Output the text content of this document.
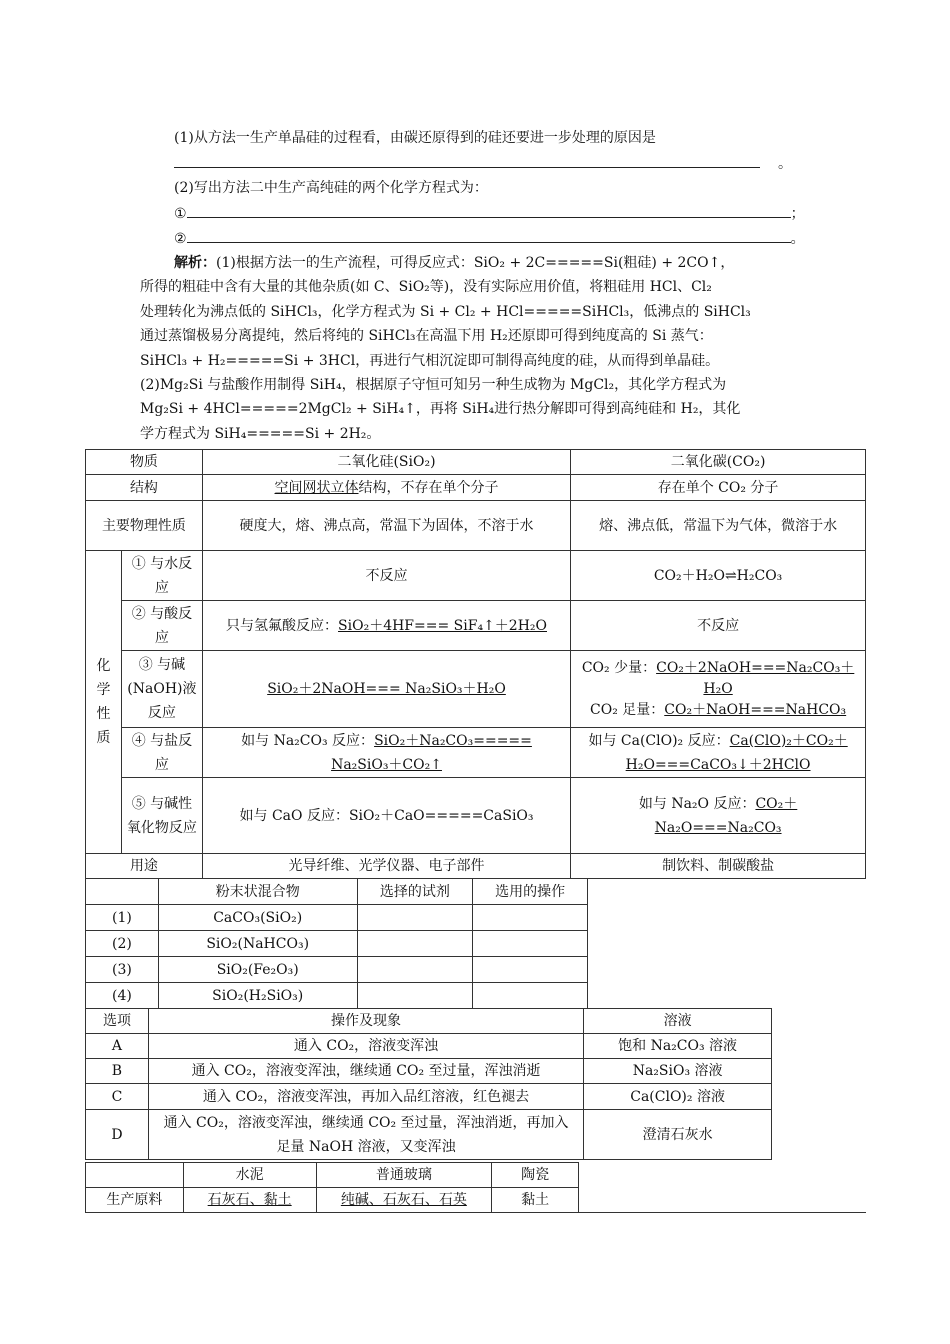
(1)从方法一生产单晶硅的过程看，由碳还原得到的硅还要进一步处理的原因是
。
(2)写出方法二中生产高纯硅的两个化学方程式为：
①	；
②	。
解析：(1)根据方法一的生产流程，可得反应式：SiO₂ + 2C=====Si(粗硅) + 2CO↑，
所得的粗硅中含有大量的其他杂质(如 C、SiO₂等)，没有实际应用价值，将粗硅用 HCl、Cl₂
处理转化为沸点低的 SiHCl₃，化学方程式为 Si + Cl₂ + HCl=====SiHCl₃，低沸点的 SiHCl₃
通过蒸馏极易分离提纯，然后将纯的 SiHCl₃在高温下用 H₂还原即可得到纯度高的 Si 蒸气：
SiHCl₃ + H₂=====Si + 3HCl，再进行气相沉淀即可制得高纯度的硅，从而得到单晶硅。
(2)Mg₂Si 与盐酸作用制得 SiH₄，根据原子守恒可知另一种生成物为 MgCl₂，其化学方程式为
Mg₂Si + 4HCl=====2MgCl₂ + SiH₄↑，再将 SiH₄进行热分解即可得到高纯硅和 H₂，其化
学方程式为 SiH₄=====Si + 2H₂。
物质		二氧化硅(SiO₂)	二氧化碳(CO₂)
结构		空间网状立体结构，不存在单个分子	存在单个 CO₂ 分子
主要物理性质		硬度大，熔、沸点高，常温下为固体，不溶于水	熔、沸点低，常温下为气体，微溶于水
化学性质	① 与水反应	不反应	CO₂＋H₂O⇌H₂CO₃
	② 与酸反应	只与氢氟酸反应：SiO₂＋4HF=== SiF₄↑＋2H₂O	不反应
	③ 与碱(NaOH)液反应	SiO₂＋2NaOH=== Na₂SiO₃＋H₂O	CO₂ 少量：CO₂＋2NaOH===Na₂CO₃＋H₂O
CO₂ 足量：CO₂＋NaOH===NaHCO₃
	④ 与盐反应	如与 Na₂CO₃ 反应：SiO₂＋Na₂CO₃===== Na₂SiO₃＋CO₂↑	如与 Ca(ClO)₂ 反应：Ca(ClO)₂＋CO₂＋H₂O===CaCO₃↓＋2HClO
	⑤ 与碱性氧化物反应	如与 CaO 反应：SiO₂＋CaO=====CaSiO₃	如与 Na₂O 反应：CO₂＋Na₂O===Na₂CO₃
用途		光导纤维、光学仪器、电子部件	制饮料、制碳酸盐
	粉末状混合物	选择的试剂	选用的操作
(1)	CaCO₃(SiO₂)		
(2)	SiO₂(NaHCO₃)		
(3)	SiO₂(Fe₂O₃)		
(4)	SiO₂(H₂SiO₃)		
选项	操作及现象	溶液
A	通入 CO₂，溶液变浑浊	饱和 Na₂CO₃ 溶液
B	通入 CO₂，溶液变浑浊，继续通 CO₂ 至过量，浑浊消逝	Na₂SiO₃ 溶液
C	通入 CO₂，溶液变浑浊，再加入品红溶液，红色褪去	Ca(ClO)₂ 溶液
D	通入 CO₂，溶液变浑浊，继续通 CO₂ 至过量，浑浊消逝，再加入足量 NaOH 溶液，又变浑浊	澄清石灰水
	水泥	普通玻璃	陶瓷
生产原料	石灰石、黏土	纯碱、石灰石、石英	黏土
